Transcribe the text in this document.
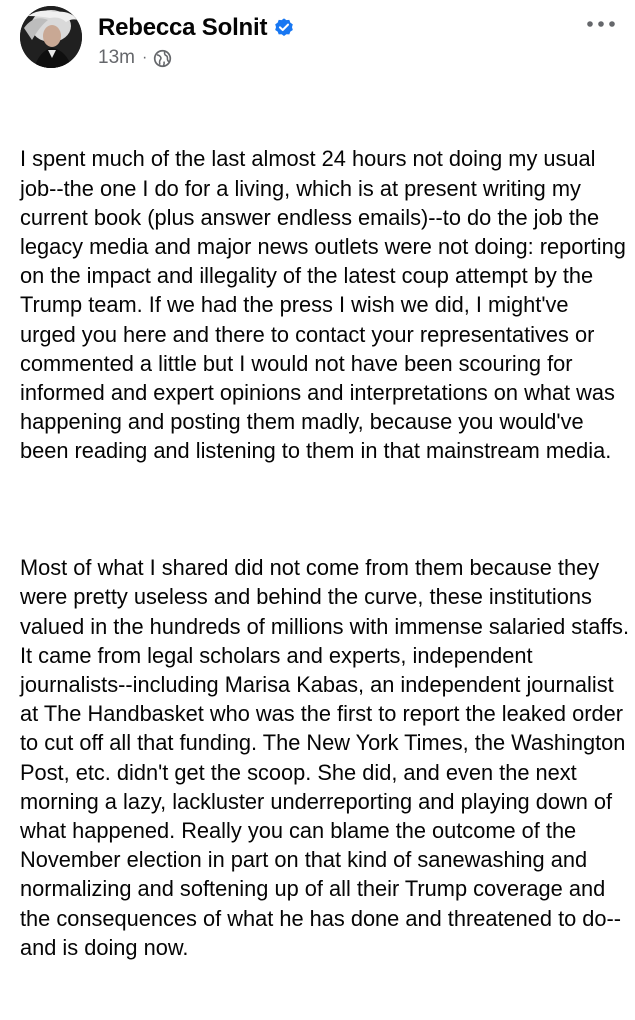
Rebecca Solnit
13m ·

I spent much of the last almost 24 hours not doing my usual job--the one I do for a living, which is at present writing my current book (plus answer endless emails)--to do the job the legacy media and major news outlets were not doing: reporting on the impact and illegality of the latest coup attempt by the Trump team. If we had the press I wish we did, I might've urged you here and there to contact your representatives or commented a little but I would not have been scouring for informed and expert opinions and interpretations on what was happening and posting them madly, because you would've been reading and listening to them in that mainstream media.

Most of what I shared did not come from them because they were pretty useless and behind the curve, these institutions valued in the hundreds of millions with immense salaried staffs. It came from legal scholars and experts, independent journalists--including Marisa Kabas, an independent journalist at The Handbasket who was the first to report the leaked order to cut off all that funding. The New York Times, the Washington Post, etc. didn't get the scoop. She did, and even the next morning a lazy, lackluster underreporting and playing down of what happened. Really you can blame the outcome of the November election in part on that kind of sanewashing and normalizing and softening up of all their Trump coverage and the consequences of what he has done and threatened to do--and is doing now.
